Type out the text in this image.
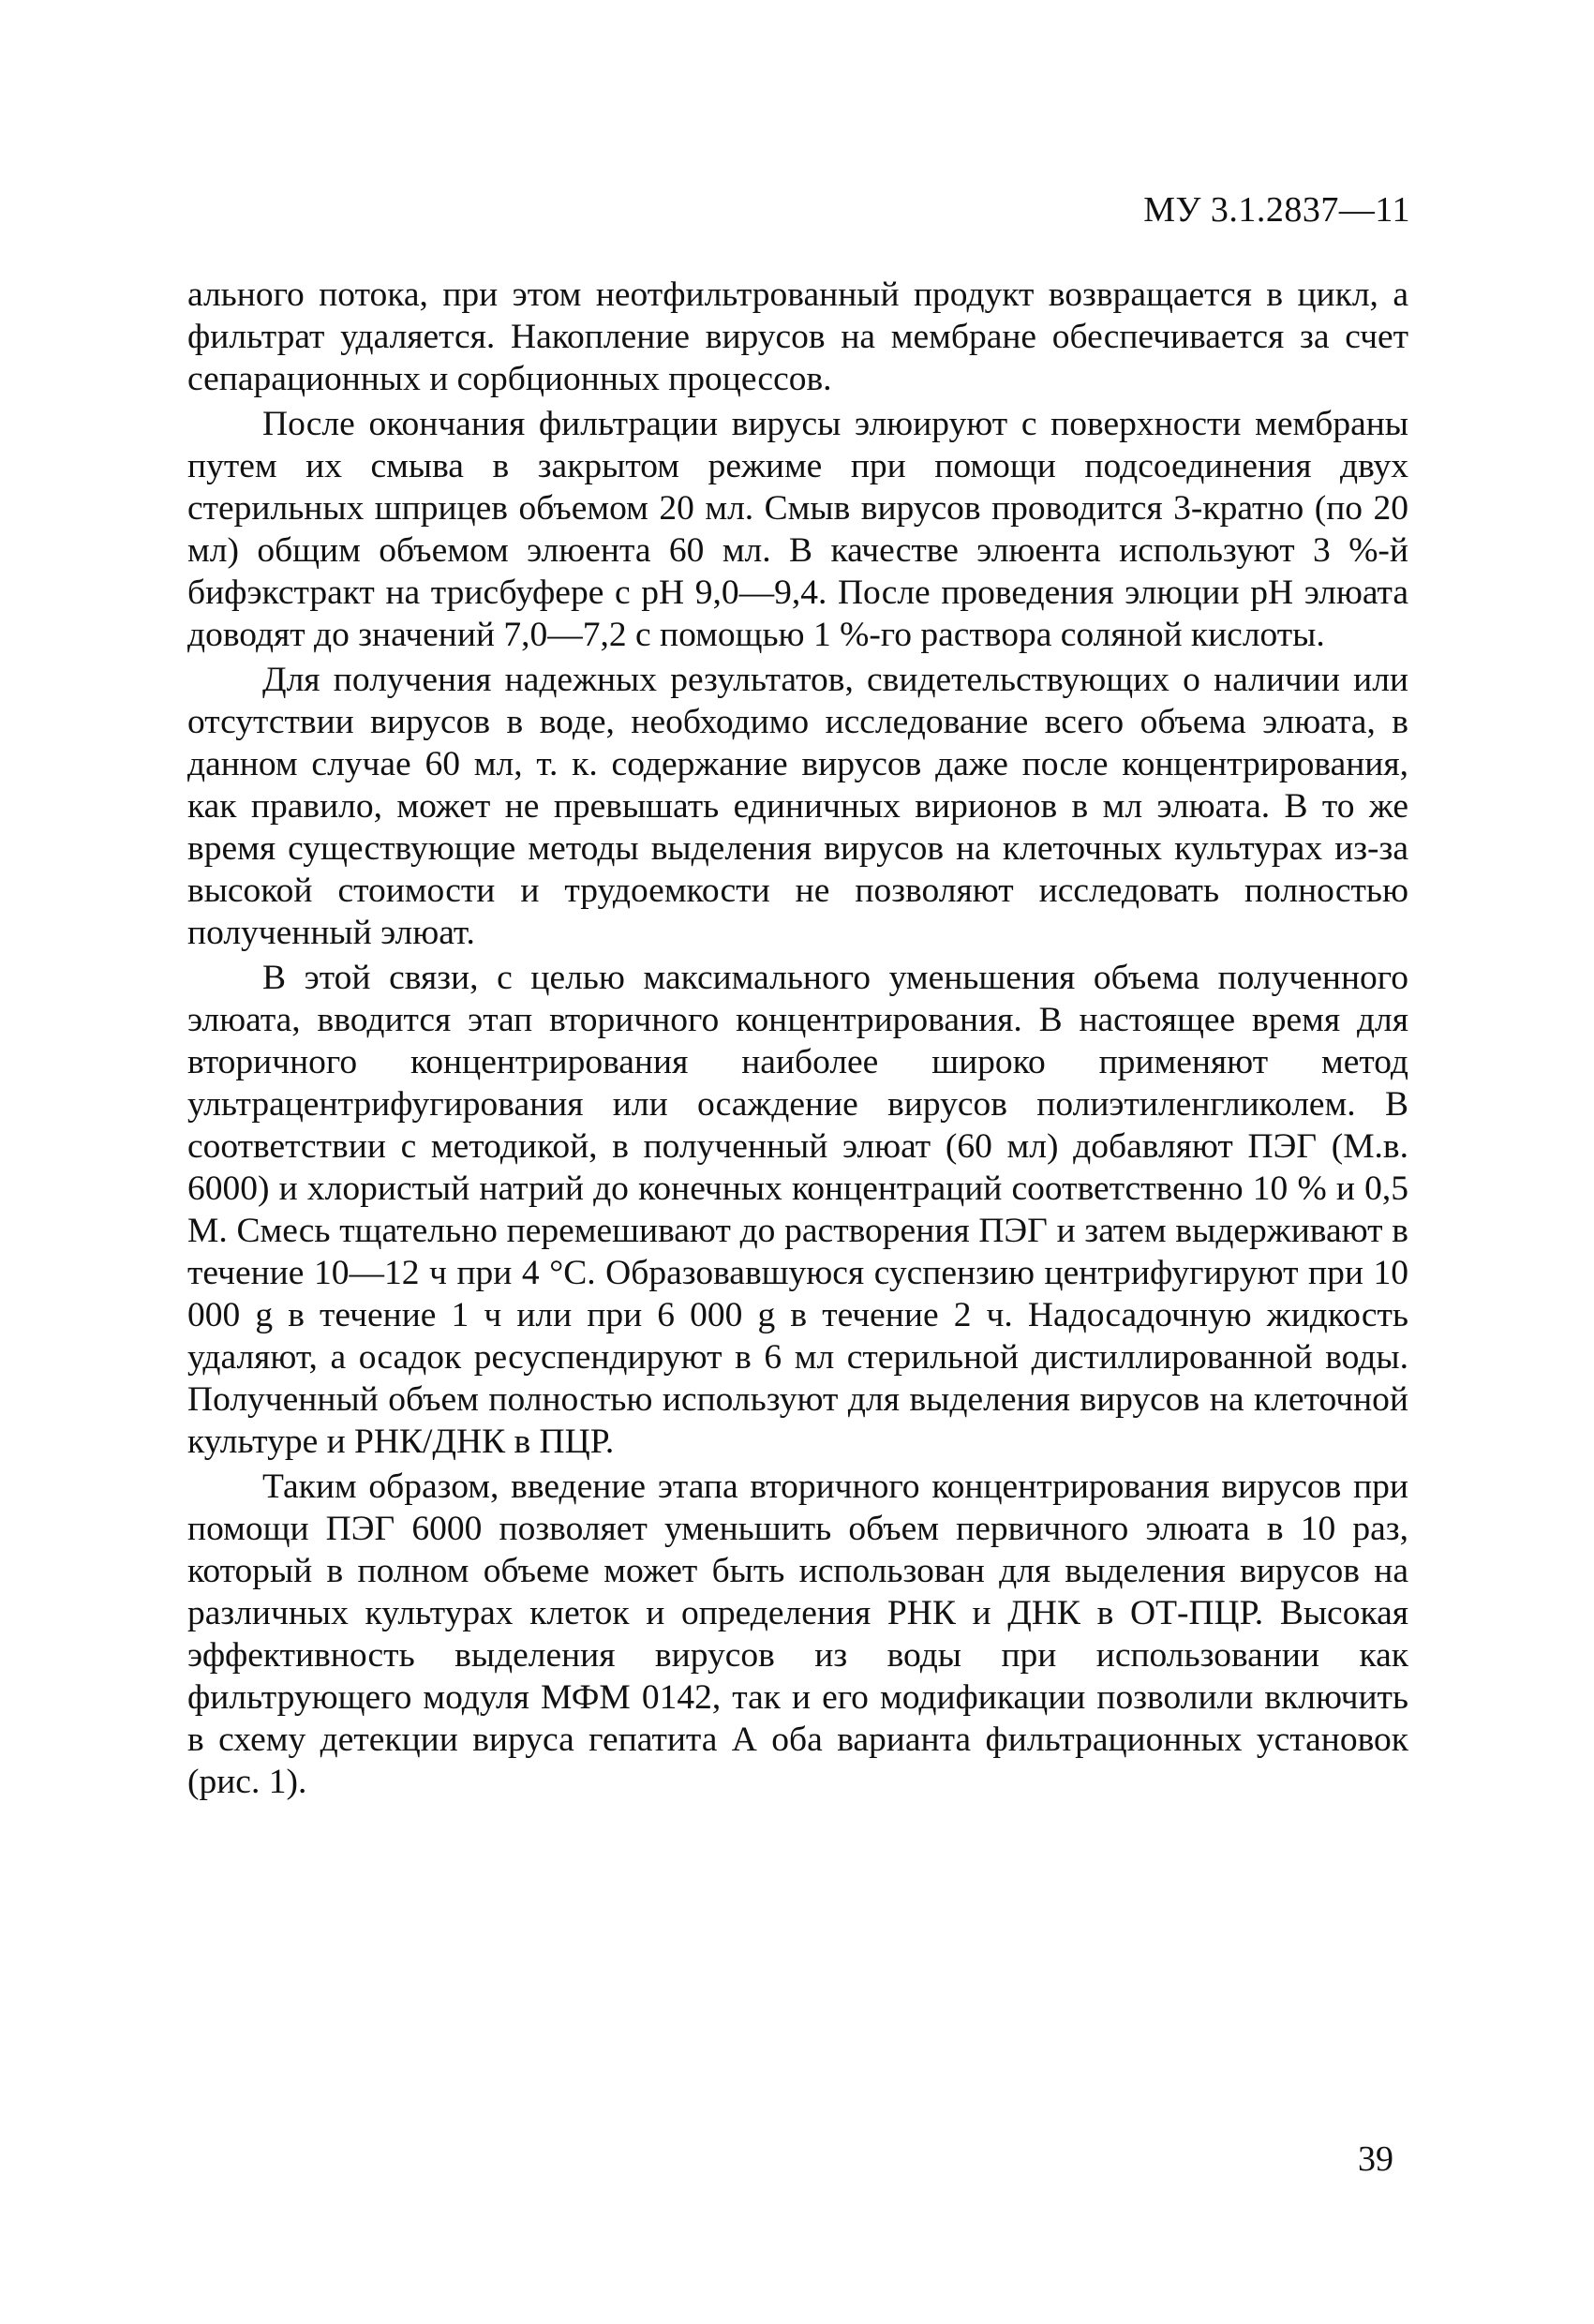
МУ 3.1.2837—11

ального потока, при этом неотфильтрованный продукт возвращается в цикл, а фильтрат удаляется. Накопление вирусов на мембране обеспечивается за счет сепарационных и сорбционных процессов.

После окончания фильтрации вирусы элюируют с поверхности мембраны путем их смыва в закрытом режиме при помощи подсоединения двух стерильных шприцев объемом 20 мл. Смыв вирусов проводится 3-кратно (по 20 мл) общим объемом элюента 60 мл. В качестве элюента используют 3 %-й бифэкстракт на трисбуфере с pH 9,0—9,4. После проведения элюции pH элюата доводят до значений 7,0—7,2 с помощью 1 %-го раствора соляной кислоты.

Для получения надежных результатов, свидетельствующих о наличии или отсутствии вирусов в воде, необходимо исследование всего объема элюата, в данном случае 60 мл, т. к. содержание вирусов даже после концентрирования, как правило, может не превышать единичных вирионов в мл элюата. В то же время существующие методы выделения вирусов на клеточных культурах из-за высокой стоимости и трудоемкости не позволяют исследовать полностью полученный элюат.

В этой связи, с целью максимального уменьшения объема полученного элюата, вводится этап вторичного концентрирования. В настоящее время для вторичного концентрирования наиболее широко применяют метод ультрацентрифугирования или осаждение вирусов полиэтиленгликолем. В соответствии с методикой, в полученный элюат (60 мл) добавляют ПЭГ (М.в. 6000) и хлористый натрий до конечных концентраций соответственно 10 % и 0,5 М. Смесь тщательно перемешивают до растворения ПЭГ и затем выдерживают в течение 10—12 ч при 4 °С. Образовавшуюся суспензию центрифугируют при 10 000 g в течение 1 ч или при 6 000 g в течение 2 ч. Надосадочную жидкость удаляют, а осадок ресуспендируют в 6 мл стерильной дистиллированной воды. Полученный объем полностью используют для выделения вирусов на клеточной культуре и РНК/ДНК в ПЦР.

Таким образом, введение этапа вторичного концентрирования вирусов при помощи ПЭГ 6000 позволяет уменьшить объем первичного элюата в 10 раз, который в полном объеме может быть использован для выделения вирусов на различных культурах клеток и определения РНК и ДНК в ОТ-ПЦР. Высокая эффективность выделения вирусов из воды при использовании как фильтрующего модуля МФМ 0142, так и его модификации позволили включить в схему детекции вируса гепатита А оба варианта фильтрационных установок (рис. 1).

39
